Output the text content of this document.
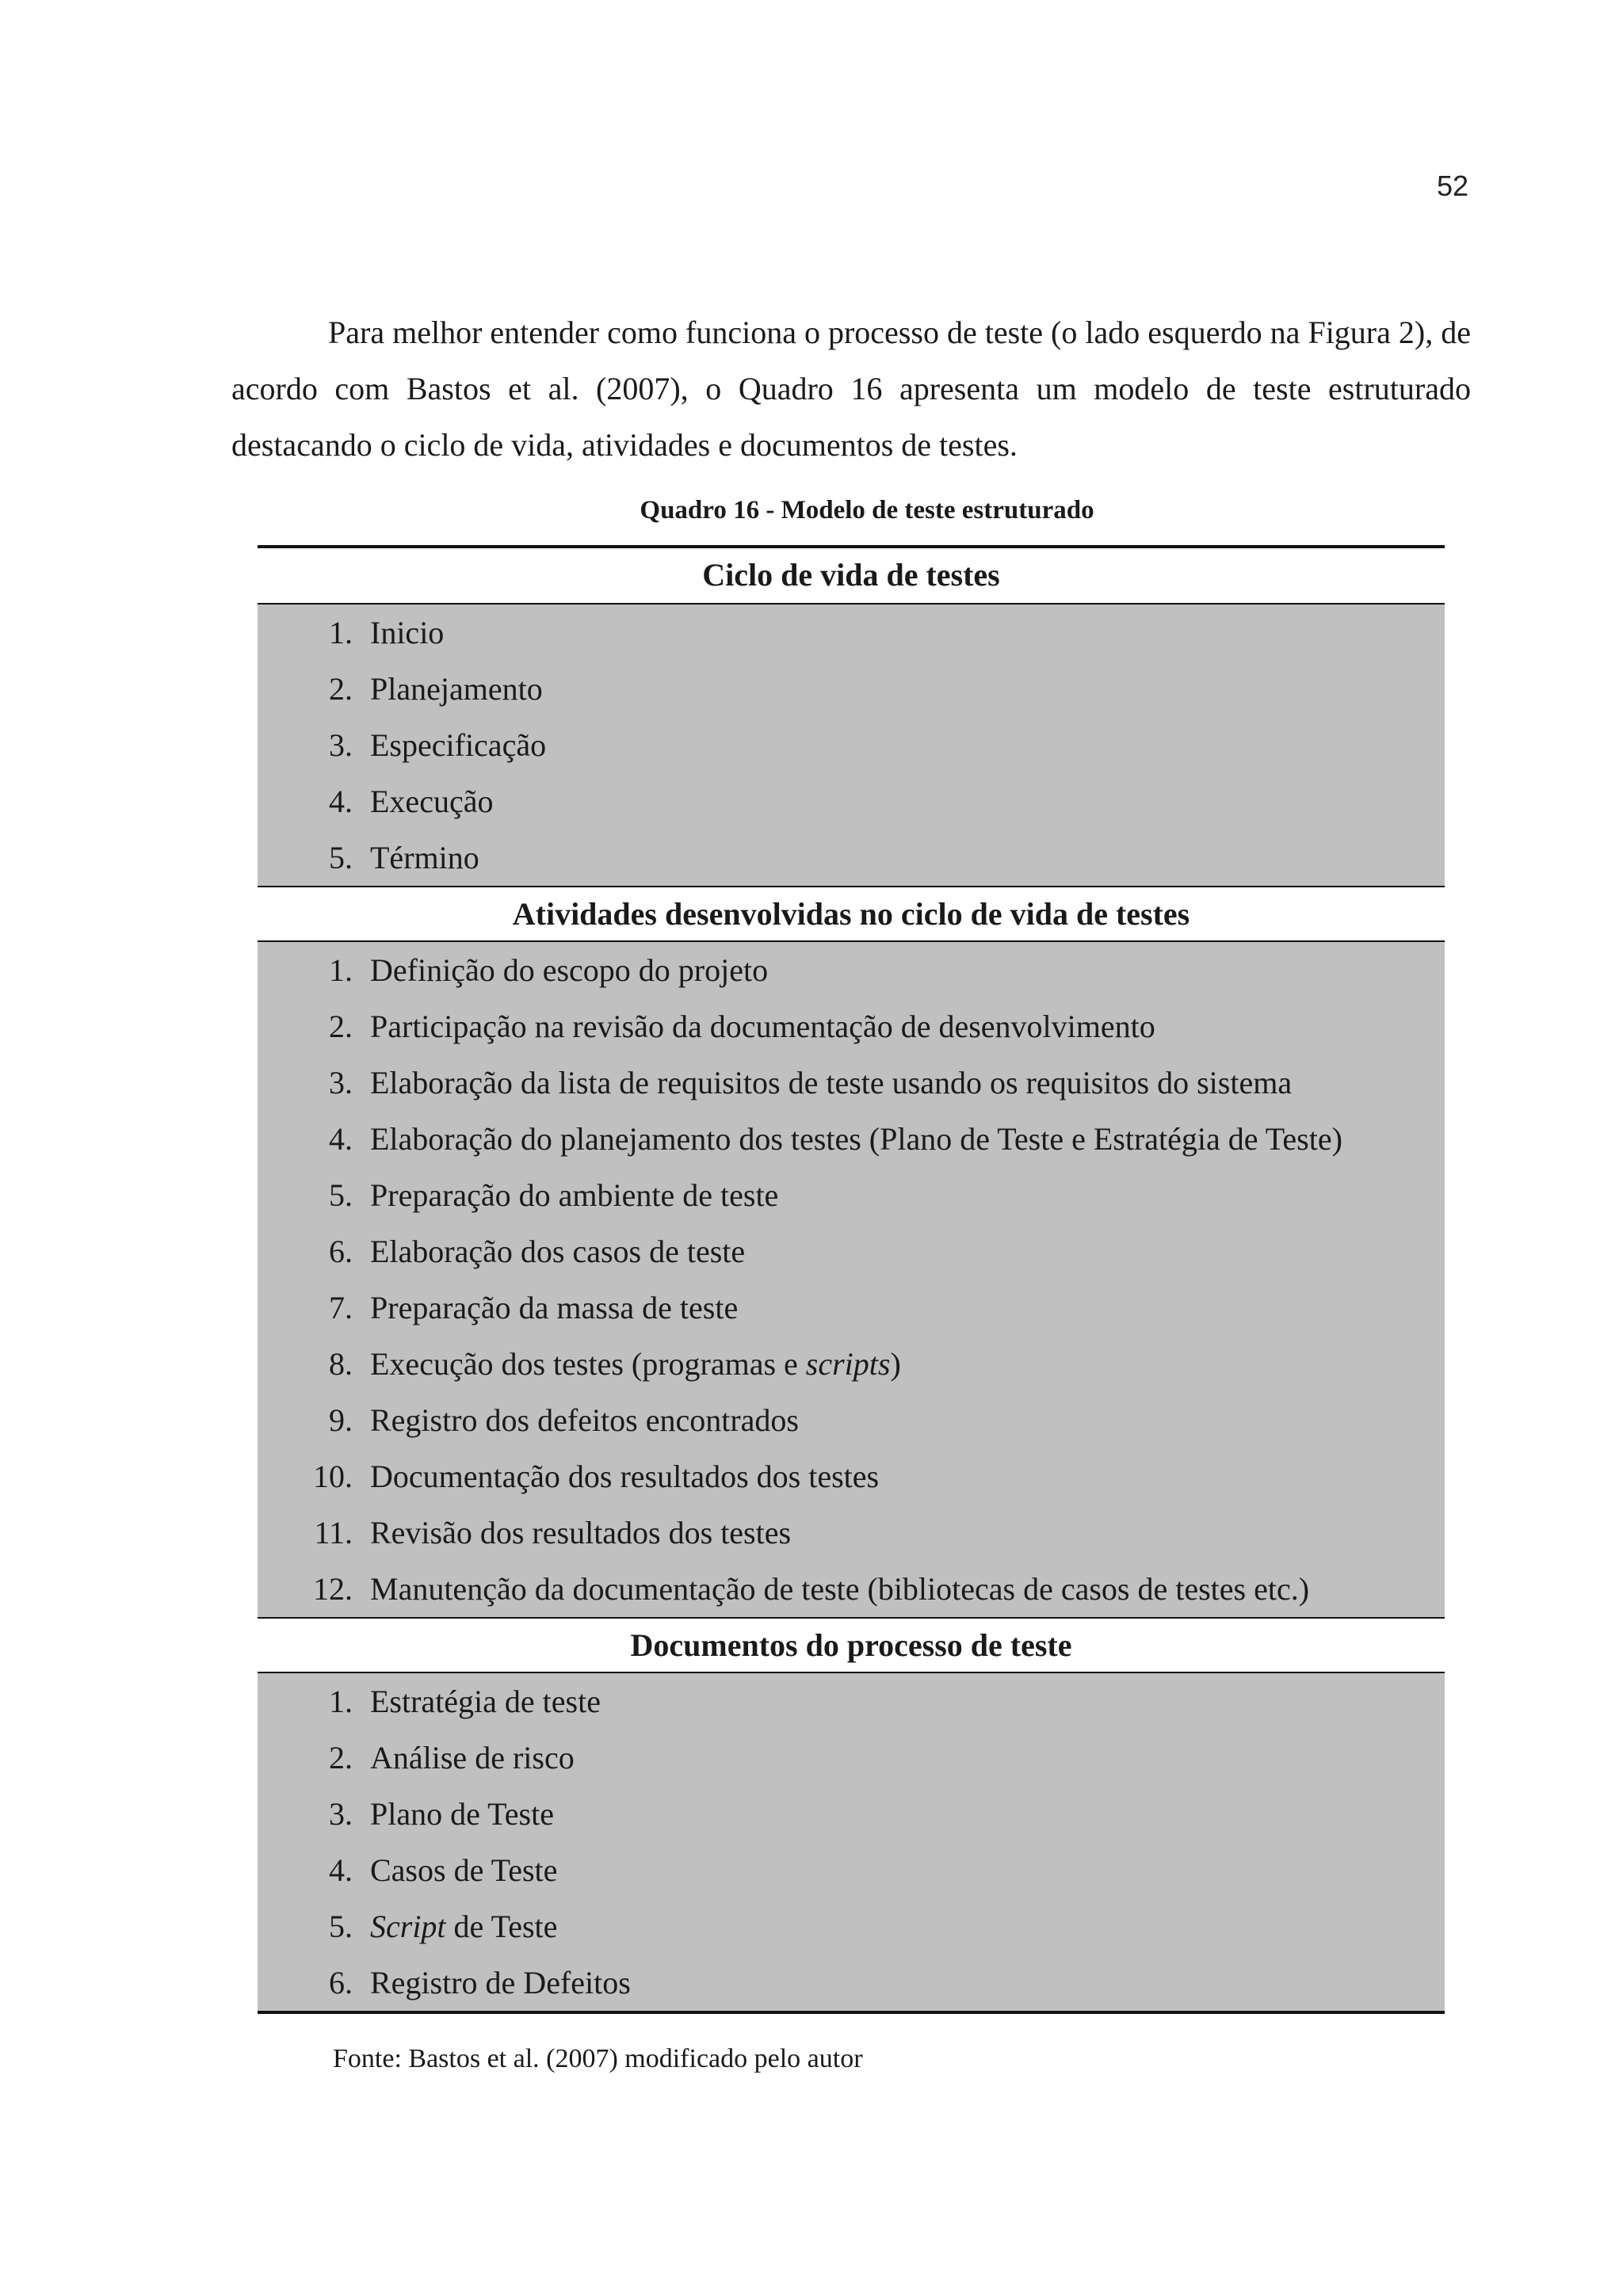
52

Para melhor entender como funciona o processo de teste (o lado esquerdo na Figura 2), de acordo com Bastos et al. (2007), o Quadro 16 apresenta um modelo de teste estruturado destacando o ciclo de vida, atividades e documentos de testes.

Quadro 16 - Modelo de teste estruturado
Ciclo de vida de testes
1. Inicio
2. Planejamento
3. Especificação
4. Execução
5. Término
Atividades desenvolvidas no ciclo de vida de testes
1. Definição do escopo do projeto
2. Participação na revisão da documentação de desenvolvimento
3. Elaboração da lista de requisitos de teste usando os requisitos do sistema
4. Elaboração do planejamento dos testes (Plano de Teste e Estratégia de Teste)
5. Preparação do ambiente de teste
6. Elaboração dos casos de teste
7. Preparação da massa de teste
8. Execução dos testes (programas e scripts)
9. Registro dos defeitos encontrados
10. Documentação dos resultados dos testes
11. Revisão dos resultados dos testes
12. Manutenção da documentação de teste (bibliotecas de casos de testes etc.)
Documentos do processo de teste
1. Estratégia de teste
2. Análise de risco
3. Plano de Teste
4. Casos de Teste
5. Script de Teste
6. Registro de Defeitos
Fonte: Bastos et al. (2007) modificado pelo autor
